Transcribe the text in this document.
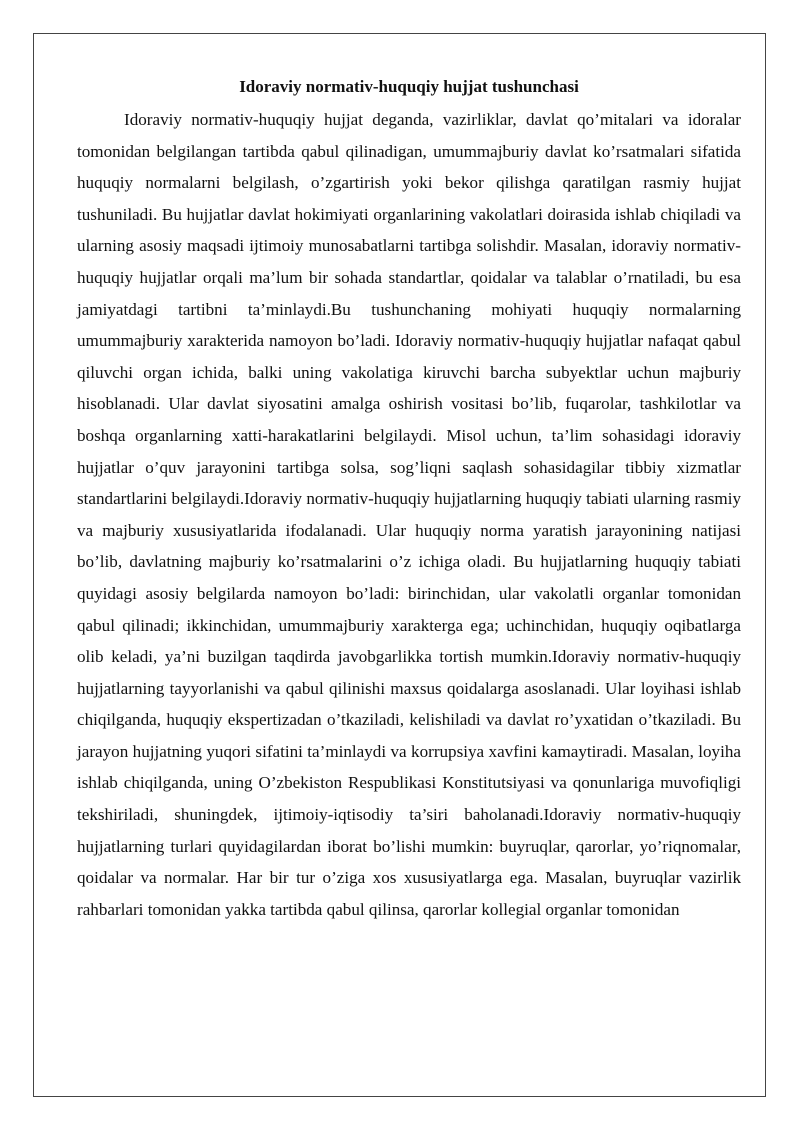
Idoraviy normativ-huquqiy hujjat tushunchasi

Idoraviy normativ-huquqiy hujjat deganda, vazirliklar, davlat qo’mitalari va idoralar tomonidan belgilangan tartibda qabul qilinadigan, umummajburiy davlat ko’rsatmalari sifatida huquqiy normalarni belgilash, o’zgartirish yoki bekor qilishga qaratilgan rasmiy hujjat tushuniladi. Bu hujjatlar davlat hokimiyati organlarining vakolatlari doirasida ishlab chiqiladi va ularning asosiy maqsadi ijtimoiy munosabatlarni tartibga solishdir. Masalan, idoraviy normativ-huquqiy hujjatlar orqali ma’lum bir sohada standartlar, qoidalar va talablar o’rnatiladi, bu esa jamiyatdagi tartibni ta’minlaydi.Bu tushunchaning mohiyati huquqiy normalarning umummajburiy xarakterida namoyon bo’ladi. Idoraviy normativ-huquqiy hujjatlar nafaqat qabul qiluvchi organ ichida, balki uning vakolatiga kiruvchi barcha subyektlar uchun majburiy hisoblanadi. Ular davlat siyosatini amalga oshirish vositasi bo’lib, fuqarolar, tashkilotlar va boshqa organlarning xatti-harakatlarini belgilaydi. Misol uchun, ta’lim sohasidagi idoraviy hujjatlar o’quv jarayonini tartibga solsa, sog’liqni saqlash sohasidagilar tibbiy xizmatlar standartlarini belgilaydi.Idoraviy normativ-huquqiy hujjatlarning huquqiy tabiati ularning rasmiy va majburiy xususiyatlarida ifodalanadi. Ular huquqiy norma yaratish jarayonining natijasi bo’lib, davlatning majburiy ko’rsatmalarini o’z ichiga oladi. Bu hujjatlarning huquqiy tabiati quyidagi asosiy belgilarda namoyon bo’ladi: birinchidan, ular vakolatli organlar tomonidan qabul qilinadi; ikkinchidan, umummajburiy xarakterga ega; uchinchidan, huquqiy oqibatlarga olib keladi, ya’ni buzilgan taqdirda javobgarlikka tortish mumkin.Idoraviy normativ-huquqiy hujjatlarning tayyorlanishi va qabul qilinishi maxsus qoidalarga asoslanadi. Ular loyihasi ishlab chiqilganda, huquqiy ekspertizadan o’tkaziladi, kelishiladi va davlat ro’yxatidan o’tkaziladi. Bu jarayon hujjatning yuqori sifatini ta’minlaydi va korrupsiya xavfini kamaytiradi. Masalan, loyiha ishlab chiqilganda, uning O’zbekiston Respublikasi Konstitutsiyasi va qonunlariga muvofiqligi tekshiriladi, shuningdek, ijtimoiy-iqtisodiy ta’siri baholanadi.Idoraviy normativ-huquqiy hujjatlarning turlari quyidagilardan iborat bo’lishi mumkin: buyruqlar, qarorlar, yo’riqnomalar, qoidalar va normalar. Har bir tur o’ziga xos xususiyatlarga ega. Masalan, buyruqlar vazirlik rahbarlari tomonidan yakka tartibda qabul qilinsa, qarorlar kollegial organlar tomonidan
